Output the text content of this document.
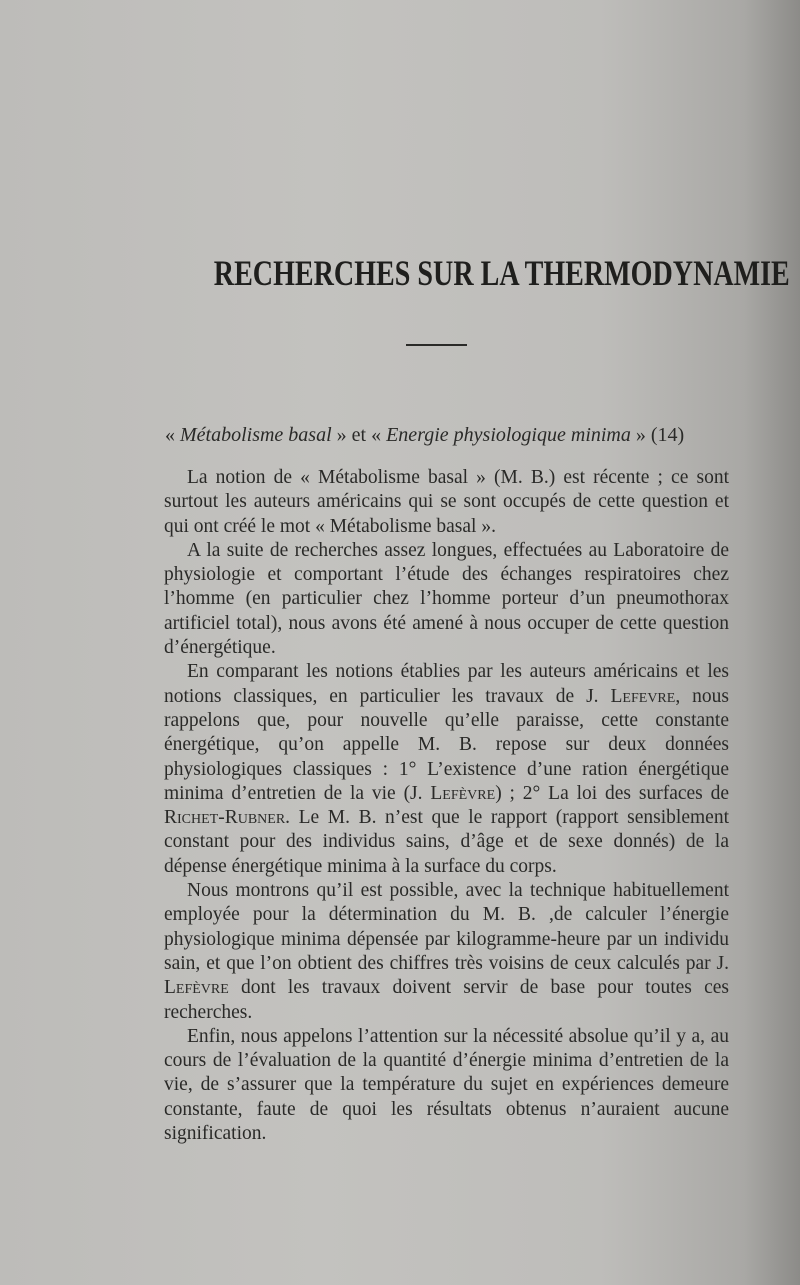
RECHERCHES SUR LA THERMODYNAMIE
« Métabolisme basal » et « Energie physiologique minima » (14)

La notion de « Métabolisme basal » (M. B.) est récente ; ce sont surtout les auteurs américains qui se sont occupés de cette question et qui ont créé le mot « Métabolisme basal ».

A la suite de recherches assez longues, effectuées au Laboratoire de physiologie et comportant l’étude des échanges respiratoires chez l’homme (en particulier chez l’homme porteur d’un pneumothorax artificiel total), nous avons été amené à nous occuper de cette question d’énergétique.

En comparant les notions établies par les auteurs américains et les notions classiques, en particulier les travaux de J. Lefevre, nous rappelons que, pour nouvelle qu’elle paraisse, cette constante énergétique, qu’on appelle M. B. repose sur deux données physiologiques classiques : 1° L’existence d’une ration énergétique minima d’entretien de la vie (J. Lefèvre) ; 2° La loi des surfaces de Richet-Rubner. Le M. B. n’est que le rapport (rapport sensiblement constant pour des individus sains, d’âge et de sexe donnés) de la dépense énergétique minima à la surface du corps.

Nous montrons qu’il est possible, avec la technique habituellement employée pour la détermination du M. B. ,de calculer l’énergie physiologique minima dépensée par kilogramme-heure par un individu sain, et que l’on obtient des chiffres très voisins de ceux calculés par J. Lefèvre dont les travaux doivent servir de base pour toutes ces recherches.

Enfin, nous appelons l’attention sur la nécessité absolue qu’il y a, au cours de l’évaluation de la quantité d’énergie minima d’entretien de la vie, de s’assurer que la température du sujet en expériences demeure constante, faute de quoi les résultats obtenus n’auraient aucune signification.
